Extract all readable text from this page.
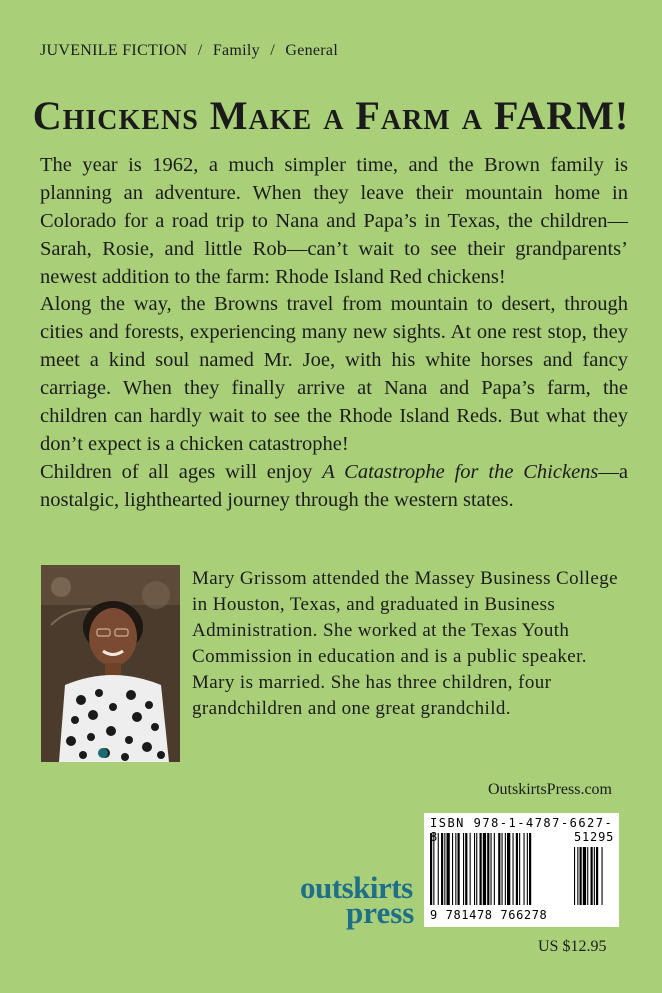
JUVENILE FICTION / Family / General
Chickens Make a Farm a FARM!

The year is 1962, a much simpler time, and the Brown family is planning an adventure. When they leave their mountain home in Colorado for a road trip to Nana and Papa’s in Texas, the children—Sarah, Rosie, and little Rob—can’t wait to see their grandparents’ newest addition to the farm: Rhode Island Red chickens!

Along the way, the Browns travel from mountain to desert, through cities and forests, experiencing many new sights. At one rest stop, they meet a kind soul named Mr. Joe, with his white horses and fancy carriage. When they finally arrive at Nana and Papa’s farm, the children can hardly wait to see the Rhode Island Reds. But what they don’t expect is a chicken catastrophe!

Children of all ages will enjoy A Catastrophe for the Chickens—a nostalgic, lighthearted journey through the western states.

Mary Grissom attended the Massey Business College in Houston, Texas, and graduated in Business Administration. She worked at the Texas Youth Commission in education and is a public speaker. Mary is married. She has three children, four grandchildren and one great grandchild.

OutskirtsPress.com
ISBN 978-1-4787-6627-
51295
9 781478 766278
outskirts
press
US $12.95
